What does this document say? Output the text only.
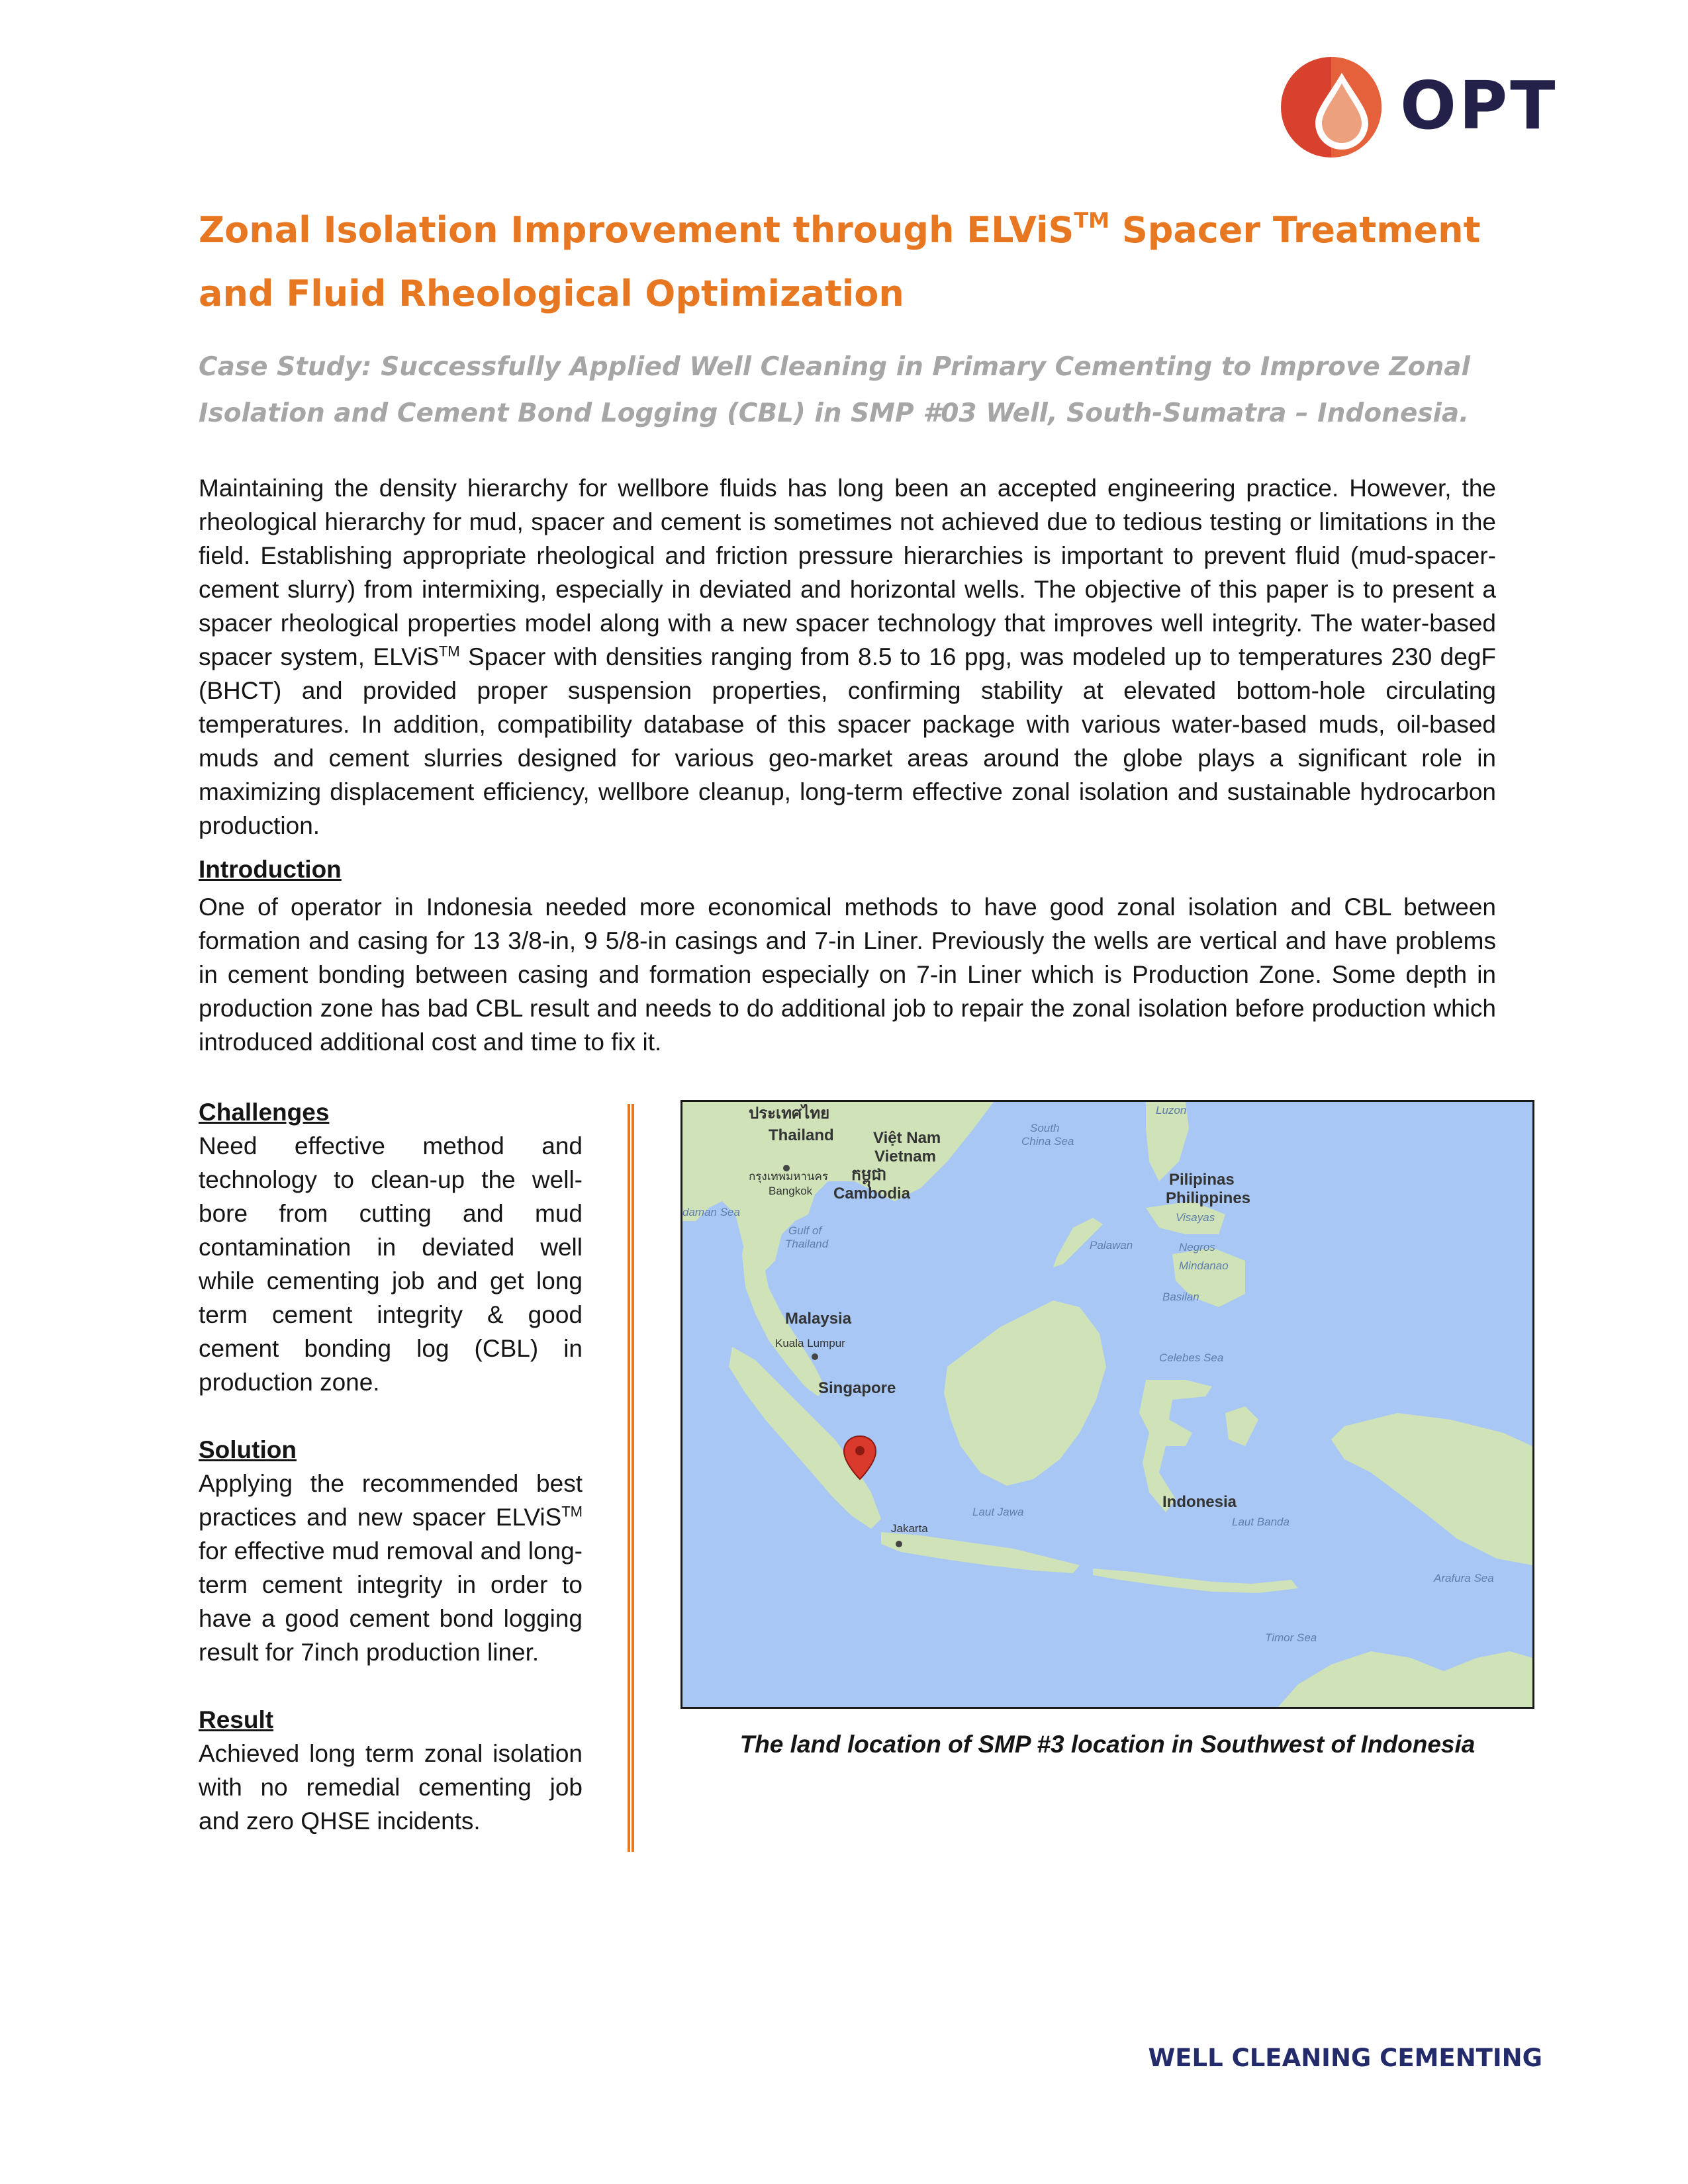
OPT
Zonal Isolation Improvement through ELViS™ Spacer Treatment and Fluid Rheological Optimization

Case Study: Successfully Applied Well Cleaning in Primary Cementing to Improve Zonal Isolation and Cement Bond Logging (CBL) in SMP #03 Well, South-Sumatra – Indonesia.

Maintaining the density hierarchy for wellbore fluids has long been an accepted engineering practice. However, the rheological hierarchy for mud, spacer and cement is sometimes not achieved due to tedious testing or limitations in the field. Establishing appropriate rheological and friction pressure hierarchies is important to prevent fluid (mud-spacer-cement slurry) from intermixing, especially in deviated and horizontal wells. The objective of this paper is to present a spacer rheological properties model along with a new spacer technology that improves well integrity. The water-based spacer system, ELViS™ Spacer with densities ranging from 8.5 to 16 ppg, was modeled up to temperatures 230 degF (BHCT) and provided proper suspension properties, confirming stability at elevated bottom-hole circulating temperatures. In addition, compatibility database of this spacer package with various water-based muds, oil-based muds and cement slurries designed for various geo-market areas around the globe plays a significant role in maximizing displacement efficiency, wellbore cleanup, long-term effective zonal isolation and sustainable hydrocarbon production.

Introduction

One of operator in Indonesia needed more economical methods to have good zonal isolation and CBL between formation and casing for 13 3/8-in, 9 5/8-in casings and 7-in Liner. Previously the wells are vertical and have problems in cement bonding between casing and formation especially on 7-in Liner which is Production Zone. Some depth in production zone has bad CBL result and needs to do additional job to repair the zonal isolation before production which introduced additional cost and time to fix it.

Challenges

Need effective method and technology to clean-up the well-bore from cutting and mud contamination in deviated well while cementing job and get long term cement integrity & good cement bonding log (CBL) in production zone.

Solution

Applying the recommended best practices and new spacer ELViS™ for effective mud removal and long-term cement integrity in order to have a good cement bond logging result for 7inch production liner.

Result

Achieved long term zonal isolation with no remedial cementing job and zero QHSE incidents.

ประเทศไทย
Thailand Việt Nam
Vietnam
កម្ពុជា
Cambodia
กรุงเทพมหานคร
Bangkok
Pilipinas
Philippines
Malaysia
Kuala Lumpur
Singapore
Indonesia
Jakarta
daman Sea
Gulf of
Thailand
South
China Sea
Celebes Sea
Laut Jawa
Laut Banda
Arafura Sea
Timor Sea
Luzon
Visayas
Negros
Mindanao
Basilan
Palawan

The land location of SMP #3 location in Southwest of Indonesia

WELL CLEANING CEMENTING
